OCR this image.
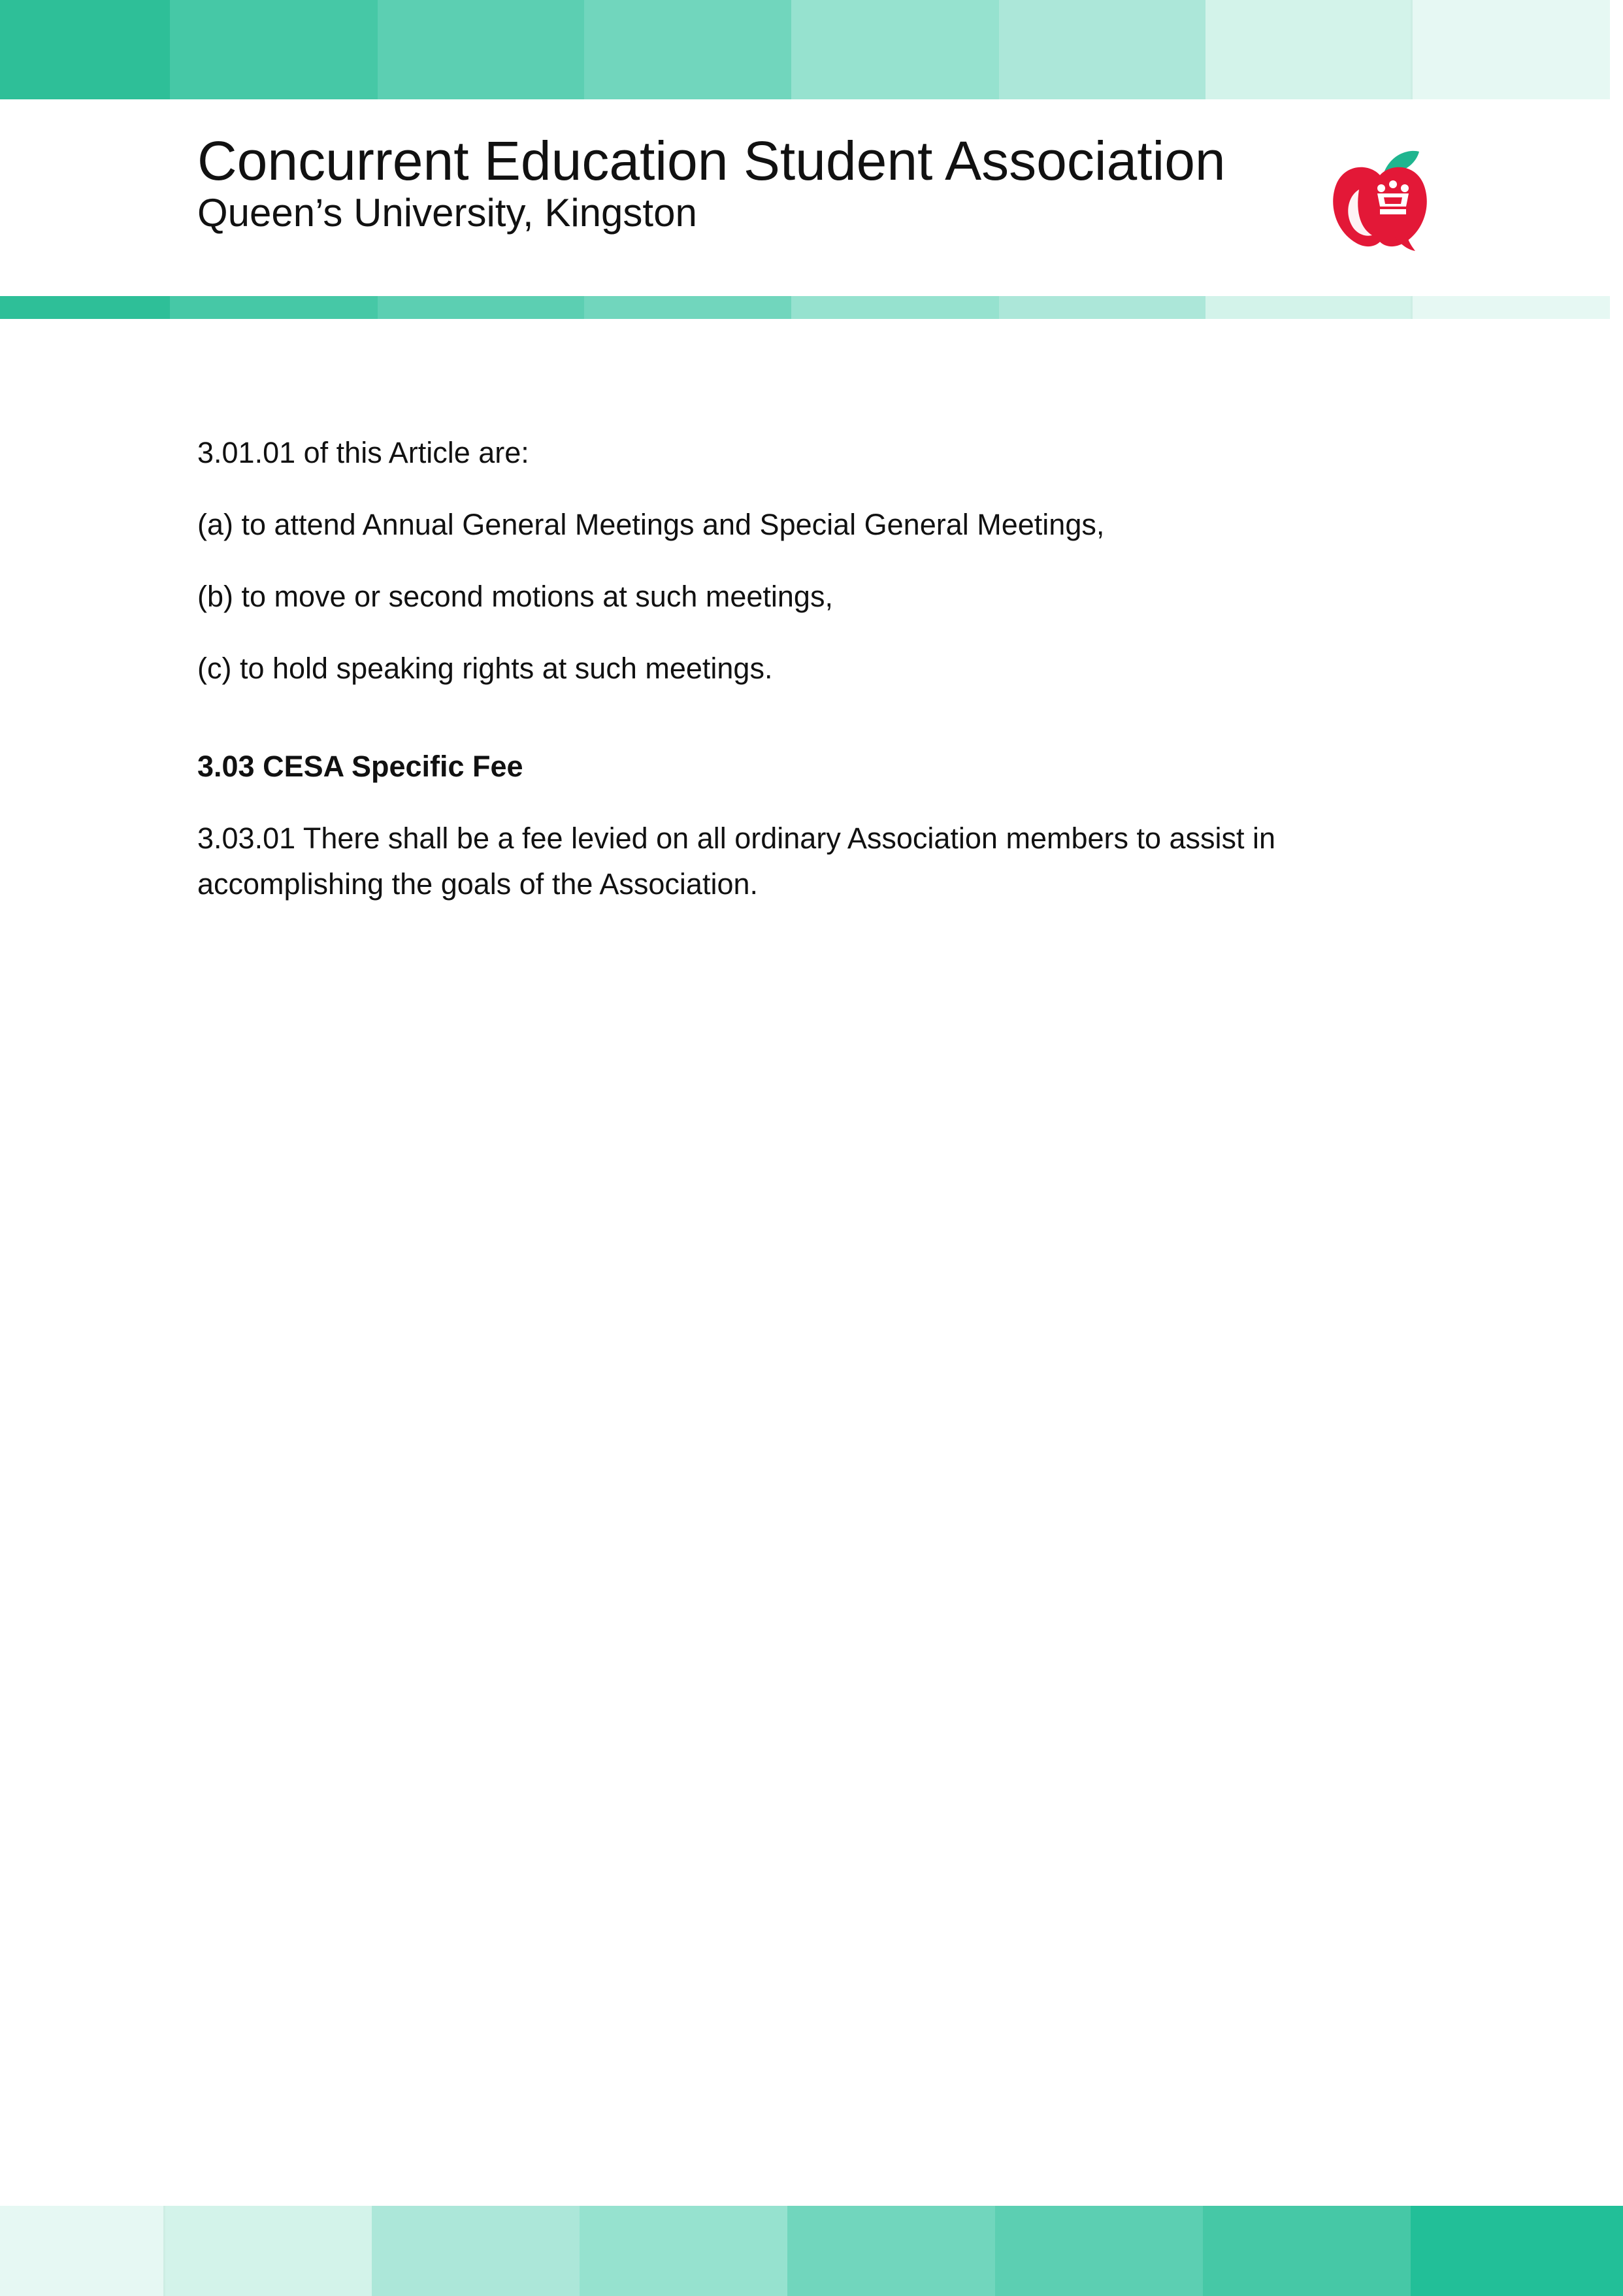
Concurrent Education Student Association
Queen’s University, Kingston

3.01.01 of this Article are:

(a) to attend Annual General Meetings and Special General Meetings,

(b) to move or second motions at such meetings,

(c) to hold speaking rights at such meetings.

3.03 CESA Specific Fee

3.03.01 There shall be a fee levied on all ordinary Association members to assist in accomplishing the goals of the Association.
